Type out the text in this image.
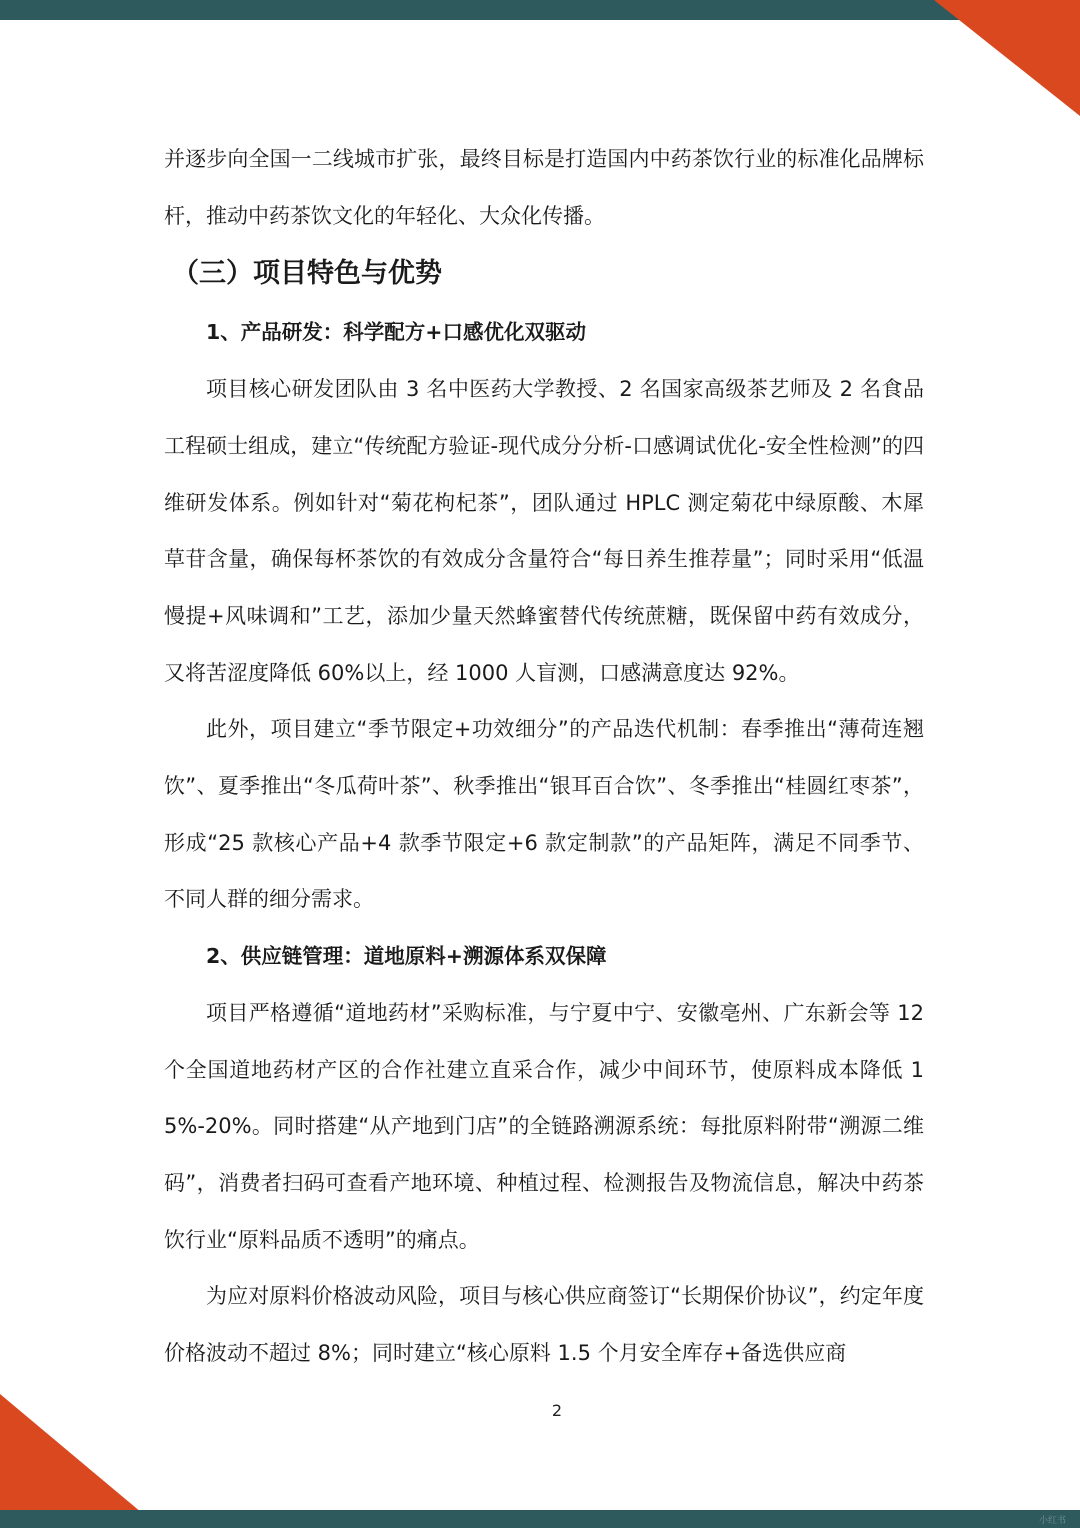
并逐步向全国一二线城市扩张，最终目标是打造国内中药茶饮行业的标准化品牌标杆，推动中药茶饮文化的年轻化、大众化传播。

（三）项目特色与优势
1、产品研发：科学配方+口感优化双驱动

项目核心研发团队由 3 名中医药大学教授、2 名国家高级茶艺师及 2 名食品工程硕士组成，建立“传统配方验证-现代成分分析-口感调试优化-安全性检测”的四维研发体系。例如针对“菊花枸杞茶”，团队通过 HPLC 测定菊花中绿原酸、木犀草苷含量，确保每杯茶饮的有效成分含量符合“每日养生推荐量”；同时采用“低温慢提+风味调和”工艺，添加少量天然蜂蜜替代传统蔗糖，既保留中药有效成分，又将苦涩度降低 60%以上，经 1000 人盲测，口感满意度达 92%。

此外，项目建立“季节限定+功效细分”的产品迭代机制：春季推出“薄荷连翘饮”、夏季推出“冬瓜荷叶茶”、秋季推出“银耳百合饮”、冬季推出“桂圆红枣茶”，形成“25 款核心产品+4 款季节限定+6 款定制款”的产品矩阵，满足不同季节、不同人群的细分需求。

2、供应链管理：道地原料+溯源体系双保障

项目严格遵循“道地药材”采购标准，与宁夏中宁、安徽亳州、广东新会等 12 个全国道地药材产区的合作社建立直采合作，减少中间环节，使原料成本降低 15%-20%。同时搭建“从产地到门店”的全链路溯源系统：每批原料附带“溯源二维码”，消费者扫码可查看产地环境、种植过程、检测报告及物流信息，解决中药茶饮行业“原料品质不透明”的痛点。

为应对原料价格波动风险，项目与核心供应商签订“长期保价协议”，约定年度价格波动不超过 8%；同时建立“核心原料 1.5 个月安全库存+备选供应商

2
小红书
